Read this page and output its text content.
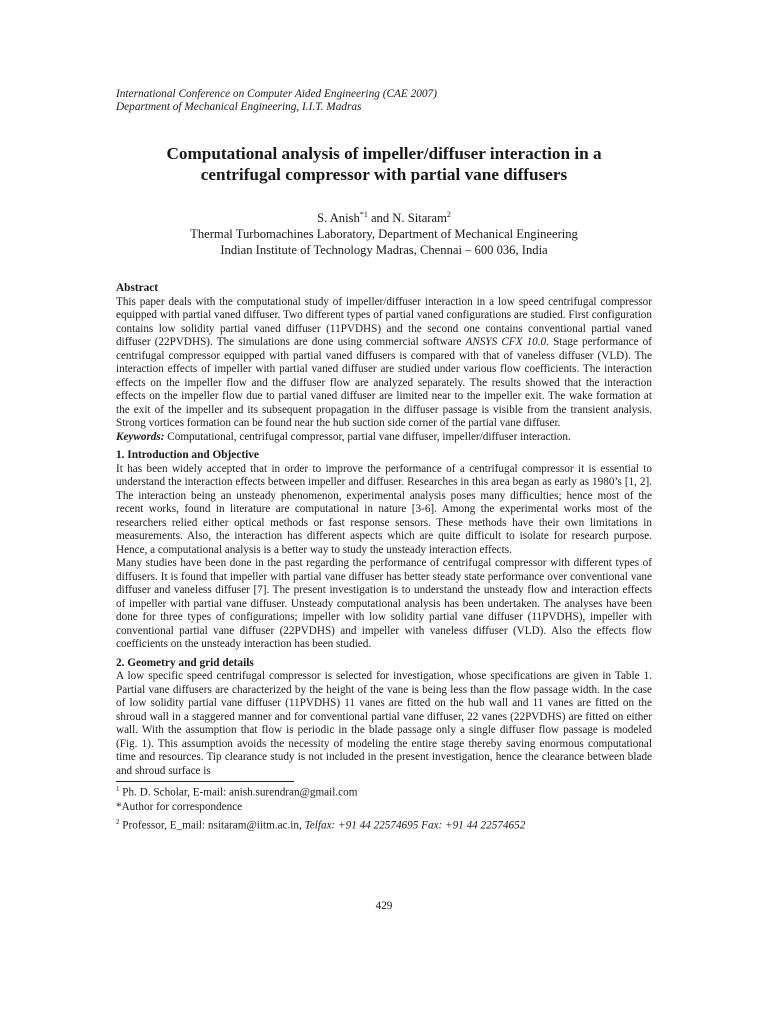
International Conference on Computer Aided Engineering (CAE 2007)
Department of Mechanical Engineering, I.I.T. Madras
Computational analysis of impeller/diffuser interaction in a
centrifugal compressor with partial vane diffusers
S. Anish$^{*1}$ and N. Sitaram$^2$
Thermal Turbomachines Laboratory, Department of Mechanical Engineering
Indian Institute of Technology Madras, Chennai – 600 036, India
Abstract

This paper deals with the computational study of impeller/diffuser interaction in a low speed centrifugal compressor equipped with partial vaned diffuser. Two different types of partial vaned configurations are studied. First configuration contains low solidity partial vaned diffuser (11PVDHS) and the second one contains conventional partial vaned diffuser (22PVDHS). The simulations are done using commercial software ANSYS CFX 10.0. Stage performance of centrifugal compressor equipped with partial vaned diffusers is compared with that of vaneless diffuser (VLD). The interaction effects of impeller with partial vaned diffuser are studied under various flow coefficients. The interaction effects on the impeller flow and the diffuser flow are analyzed separately. The results showed that the interaction effects on the impeller flow due to partial vaned diffuser are limited near to the impeller exit. The wake formation at the exit of the impeller and its subsequent propagation in the diffuser passage is visible from the transient analysis. Strong vortices formation can be found near the hub suction side corner of the partial vane diffuser.

Keywords: Computational, centrifugal compressor, partial vane diffuser, impeller/diffuser interaction.

1. Introduction and Objective

It has been widely accepted that in order to improve the performance of a centrifugal compressor it is essential to understand the interaction effects between impeller and diffuser. Researches in this area began as early as 1980’s [1, 2]. The interaction being an unsteady phenomenon, experimental analysis poses many difficulties; hence most of the recent works, found in literature are computational in nature [3-6]. Among the experimental works most of the researchers relied either optical methods or fast response sensors. These methods have their own limitations in measurements. Also, the interaction has different aspects which are quite difficult to isolate for research purpose. Hence, a computational analysis is a better way to study the unsteady interaction effects.

Many studies have been done in the past regarding the performance of centrifugal compressor with different types of diffusers. It is found that impeller with partial vane diffuser has better steady state performance over conventional vane diffuser and vaneless diffuser [7]. The present investigation is to understand the unsteady flow and interaction effects of impeller with partial vane diffuser. Unsteady computational analysis has been undertaken. The analyses have been done for three types of configurations; impeller with low solidity partial vane diffuser (11PVDHS), impeller with conventional partial vane diffuser (22PVDHS) and impeller with vaneless diffuser (VLD). Also the effects flow coefficients on the unsteady interaction has been studied.

2. Geometry and grid details

A low specific speed centrifugal compressor is selected for investigation, whose specifications are given in Table 1. Partial vane diffusers are characterized by the height of the vane is being less than the flow passage width. In the case of low solidity partial vane diffuser (11PVDHS) 11 vanes are fitted on the hub wall and 11 vanes are fitted on the shroud wall in a staggered manner and for conventional partial vane diffuser, 22 vanes (22PVDHS) are fitted on either wall. With the assumption that flow is periodic in the blade passage only a single diffuser flow passage is modeled (Fig. 1). This assumption avoids the necessity of modeling the entire stage thereby saving enormous computational time and resources. Tip clearance study is not included in the present investigation, hence the clearance between blade and shroud surface is

$^1$ Ph. D. Scholar, E-mail: anish.surendran@gmail.com
*Author for correspondence
$^2$ Professor, E_mail: nsitaram@iitm.ac.in, Telfax: +91 44 22574695 Fax: +91 44 22574652
429
